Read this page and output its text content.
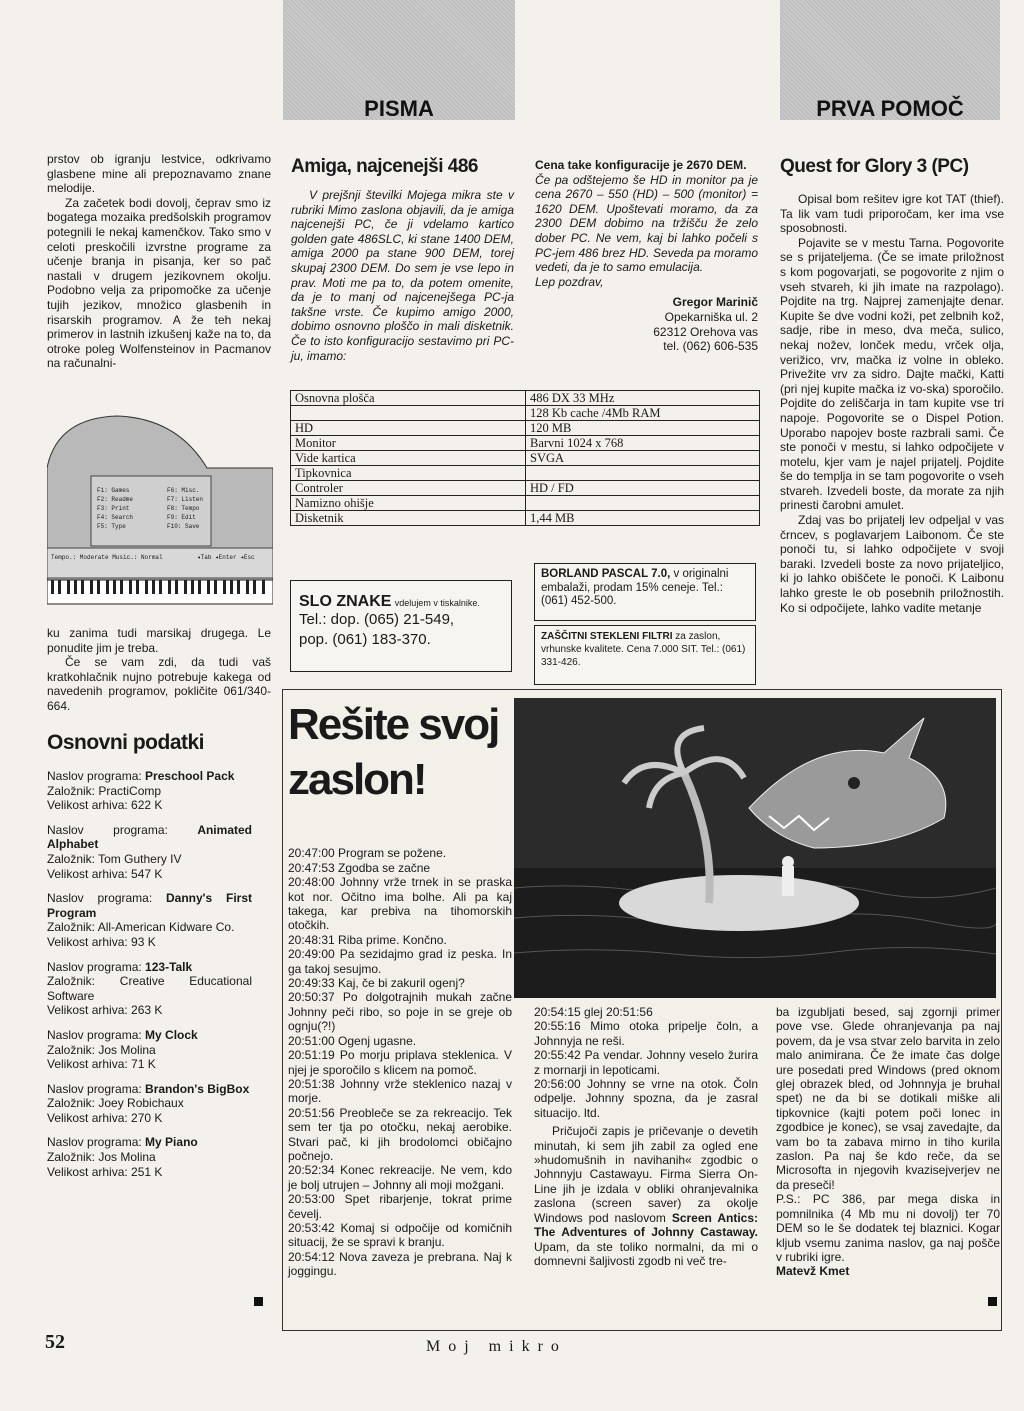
PISMA	PRVA POMOČ

prstov ob igranju lestvice, odkrivamo glasbene mine ali prepoznavamo znane melodije.

Za začetek bodi dovolj, čeprav smo iz bogatega mozaika predšolskih programov potegnili le nekaj kamenčkov. Tako smo v celoti preskočili izvrstne programe za učenje branja in pisanja, ker so pač nastali v drugem jezikovnem okolju. Podobno velja za pripomočke za učenje tujih jezikov, množico glasbenih in risarskih programov. A že teh nekaj primerov in lastnih izkušenj kaže na to, da otroke poleg Wolfensteinov in Pacmanov na računalni-

F1: Games
F2: Readme
F3: Print
F4: Search
F5: Type
F6: Misc.
F7: Listen
F8: Tempo
F9: Edit
F10: Save
Tempo.: Moderate Music.: Normal	◂Tab ◂Enter ◂Esc

ku zanima tudi marsikaj drugega. Le ponudite jim je treba.

Če se vam zdi, da tudi vaš kratkohlačnik nujno potrebuje kakega od navedenih programov, pokličite 061/340-664.

Osnovni podatki

Naslov programa: Preschool Pack

Založnik: PractiComp

Velikost arhiva: 622 K

Naslov programa: Animated Alphabet

Založnik: Tom Guthery IV

Velikost arhiva: 547 K

Naslov programa: Danny's First Program

Založnik: All-American Kidware Co.

Velikost arhiva: 93 K

Naslov programa: 123-Talk

Založnik: Creative Educational Software

Velikost arhiva: 263 K

Naslov programa: My Clock

Založnik: Jos Molina

Velikost arhiva: 71 K

Naslov programa: Brandon's BigBox

Založnik: Joey Robichaux

Velikost arhiva: 270 K

Naslov programa: My Piano

Založnik: Jos Molina

Velikost arhiva: 251 K

Amiga, najcenejši 486

V prejšnji številki Mojega mikra ste v rubriki Mimo zaslona objavili, da je amiga najcenejši PC, če ji vdelamo kartico golden gate 486SLC, ki stane 1400 DEM, amiga 2000 pa stane 900 DEM, torej skupaj 2300 DEM. Do sem je vse lepo in prav. Moti me pa to, da potem omenite, da je to manj od najcenejšega PC-ja takšne vrste. Če kupimo amigo 2000, dobimo osnovno ploščo in mali disketnik. Če to isto konfiguracijo sestavimo pri PC-ju, imamo:

Cena take konfiguracije je 2670 DEM.

Če pa odštejemo še HD in monitor pa je cena 2670 – 550 (HD) – 500 (monitor) = 1620 DEM. Upoštevati moramo, da za 2300 DEM dobimo na tržišču že zelo dober PC. Ne vem, kaj bi lahko počeli s PC-jem 486 brez HD. Seveda pa moramo vedeti, da je to samo emulacija.

Lep pozdrav,

Gregor Marinič

Opekarniška ul. 2

62312 Orehova vas

tel. (062) 606-535

Osnovna plošča	486 DX 33 MHz
	128 Kb cache /4Mb RAM
HD	120 MB
Monitor	Barvni 1024 x 768
Vide kartica	SVGA
Tipkovnica	
Controler	HD / FD
Namizno ohišje	
Disketnik	1,44 MB
SLO ZNAKE vdelujem v tiskalnike.
Tel.: dop. (065) 21-549,
pop. (061) 183-370.
BORLAND PASCAL 7.0, v originalni embalaži, prodam 15% ceneje. Tel.: (061) 452-500.
ZAŠČITNI STEKLENI FILTRI za zaslon, vrhunske kvalitete. Cena 7.000 SIT. Tel.: (061) 331-426.
Quest for Glory 3 (PC)

Opisal bom rešitev igre kot TAT (thief). Ta lik vam tudi priporočam, ker ima vse sposobnosti.

Pojavite se v mestu Tarna. Pogovorite se s prijateljema. (Če se imate priložnost s kom pogovarjati, se pogovorite z njim o vseh stvareh, ki jih imate na razpolago). Pojdite na trg. Najprej zamenjajte denar. Kupite še dve vodni koži, pet zelbnih kož, sadje, ribe in meso, dva meča, sulico, nekaj nožev, lonček medu, vrček olja, verižico, vrv, mačka iz volne in obleko. Privežite vrv za sidro. Dajte mački, Katti (pri njej kupite mačka iz vo-ska) sporočilo. Pojdite do zeliščarja in tam kupite vse tri napoje. Pogovorite se o Dispel Potion. Uporabo napojev boste razbrali sami. Če ste ponoči v mestu, si lahko odpočijete v motelu, kjer vam je najel prijatelj. Pojdite še do templja in se tam pogovorite o vseh stvareh. Izvedeli boste, da morate za njih prinesti čarobni amulet.

Zdaj vas bo prijatelj lev odpeljal v vas črncev, s poglavarjem Laibonom. Če ste ponoči tu, si lahko odpočijete v svoji baraki. Izvedeli boste za novo prijateljico, ki jo lahko obiščete le ponoči. K Laibonu lahko greste le ob posebnih priložnostih. Ko si odpočijete, lahko vadite metanje

Rešite svoj
zaslon!

20:47:00 Program se požene.
20:47:53 Zgodba se začne
20:48:00 Johnny vrže trnek in se praska kot nor. Očitno ima bolhe. Ali pa kaj takega, kar prebiva na tihomorskih otočkih.
20:48:31 Riba prime. Končno.
20:49:00 Pa sezidajmo grad iz peska. In ga takoj sesujmo.
20:49:33 Kaj, če bi zakuril ogenj?
20:50:37 Po dolgotrajnih mukah začne Johnny peči ribo, so poje in se greje ob ognju(?!)
20:51:00 Ogenj ugasne.
20:51:19 Po morju priplava steklenica. V njej je sporočilo s klicem na pomoč.
20:51:38 Johnny vrže steklenico nazaj v morje.
20:51:56 Preobleče se za rekreacijo. Tek sem ter tja po otočku, nekaj aerobike. Stvari pač, ki jih brodolomci običajno počnejo.
20:52:34 Konec rekreacije. Ne vem, kdo je bolj utrujen – Johnny ali moji možgani.
20:53:00 Spet ribarjenje, tokrat prime čevelj.
20:53:42 Komaj si odpočije od komičnih situacij, že se spravi k branju.
20:54:12 Nova zaveza je prebrana. Naj k joggingu.

20:54:15 glej 20:51:56
20:55:16 Mimo otoka pripelje čoln, a Johnnyja ne reši.
20:55:42 Pa vendar. Johnny veselo žurira z mornarji in lepoticami.
20:56:00 Johnny se vrne na otok. Čoln odpelje. Johnny spozna, da je zasral situacijo. ltd.

Pričujoči zapis je pričevanje o devetih minutah, ki sem jih zabil za ogled ene »hudomušnih in navihanih« zgodbic o Johnnyju Castawayu. Firma Sierra On-Line jih je izdala v obliki ohranjevalnika zaslona (screen saver) za okolje Windows pod naslovom Screen Antics: The Adventures of Johnny Castaway. Upam, da ste toliko normalni, da mi o domnevni šaljivosti zgodb ni več tre-

ba izgubljati besed, saj zgornji primer pove vse. Glede ohranjevanja pa naj povem, da je vsa stvar zelo barvita in zelo malo animirana. Če že imate čas dolge ure posedati pred Windows (pred oknom glej obrazek bled, od Johnnyja je bruhal spet) ne da bi se dotikali miške ali tipkovnice (kajti potem poči lonec in zgodbice je konec), se vsaj zavedajte, da vam bo ta zabava mirno in tiho kurila zaslon. Pa naj še kdo reče, da se Microsofta in njegovih kvazisejverjev ne da preseči!
P.S.: PC 386, par mega diska in pomnilnika (4 Mb mu ni dovolj) ter 70 DEM so le še dodatek tej blaznici. Kogar kljub vsemu zanima naslov, ga naj pošče v rubriki igre.

Matevž Kmet

52	M o j   m i k r o
